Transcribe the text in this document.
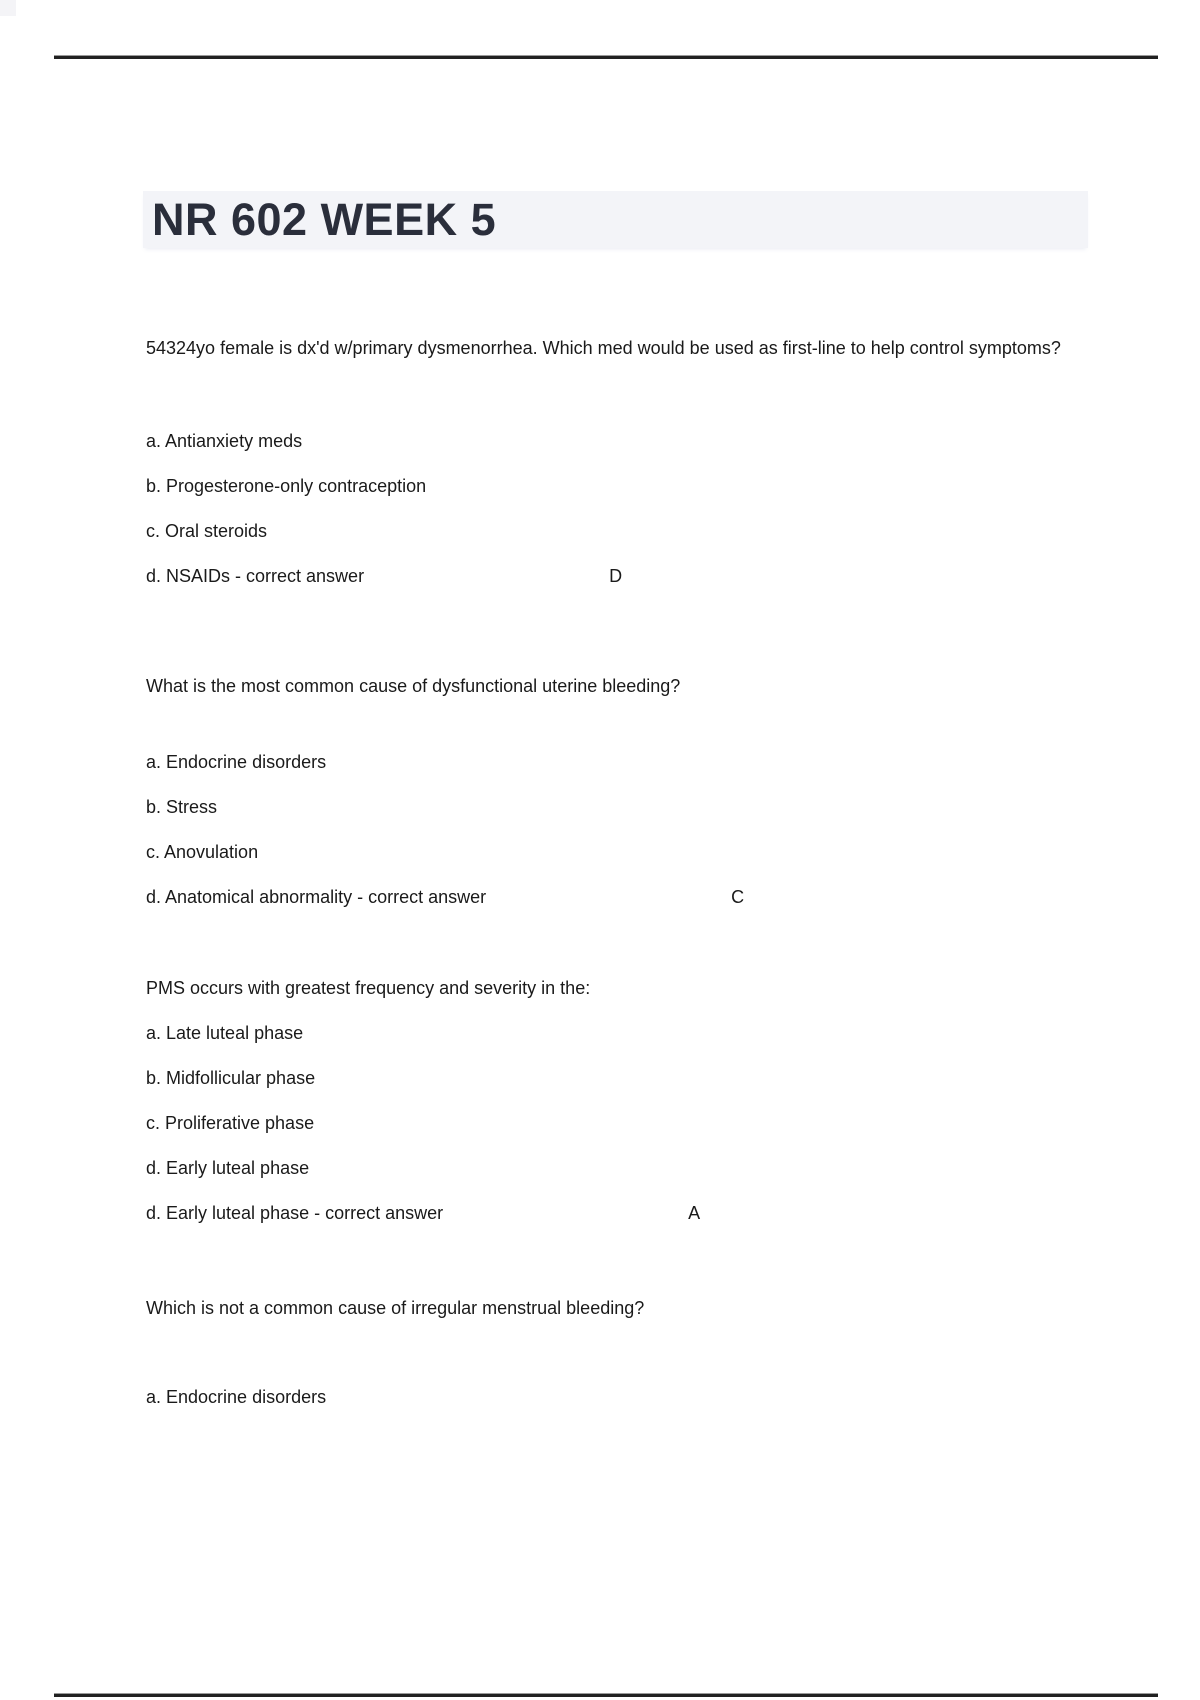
NR 602 WEEK 5

54324yo female is dx'd w/primary dysmenorrhea. Which med would be used as first-line to help control symptoms?

a. Antianxiety meds
b. Progesterone-only contraception
c. Oral steroids
d. NSAIDs - correct answer	D

What is the most common cause of dysfunctional uterine bleeding?

a. Endocrine disorders
b. Stress
c. Anovulation
d. Anatomical abnormality - correct answer	C

PMS occurs with greatest frequency and severity in the:

a. Late luteal phase
b. Midfollicular phase
c. Proliferative phase
d. Early luteal phase
d. Early luteal phase - correct answer	A

Which is not a common cause of irregular menstrual bleeding?

a. Endocrine disorders
